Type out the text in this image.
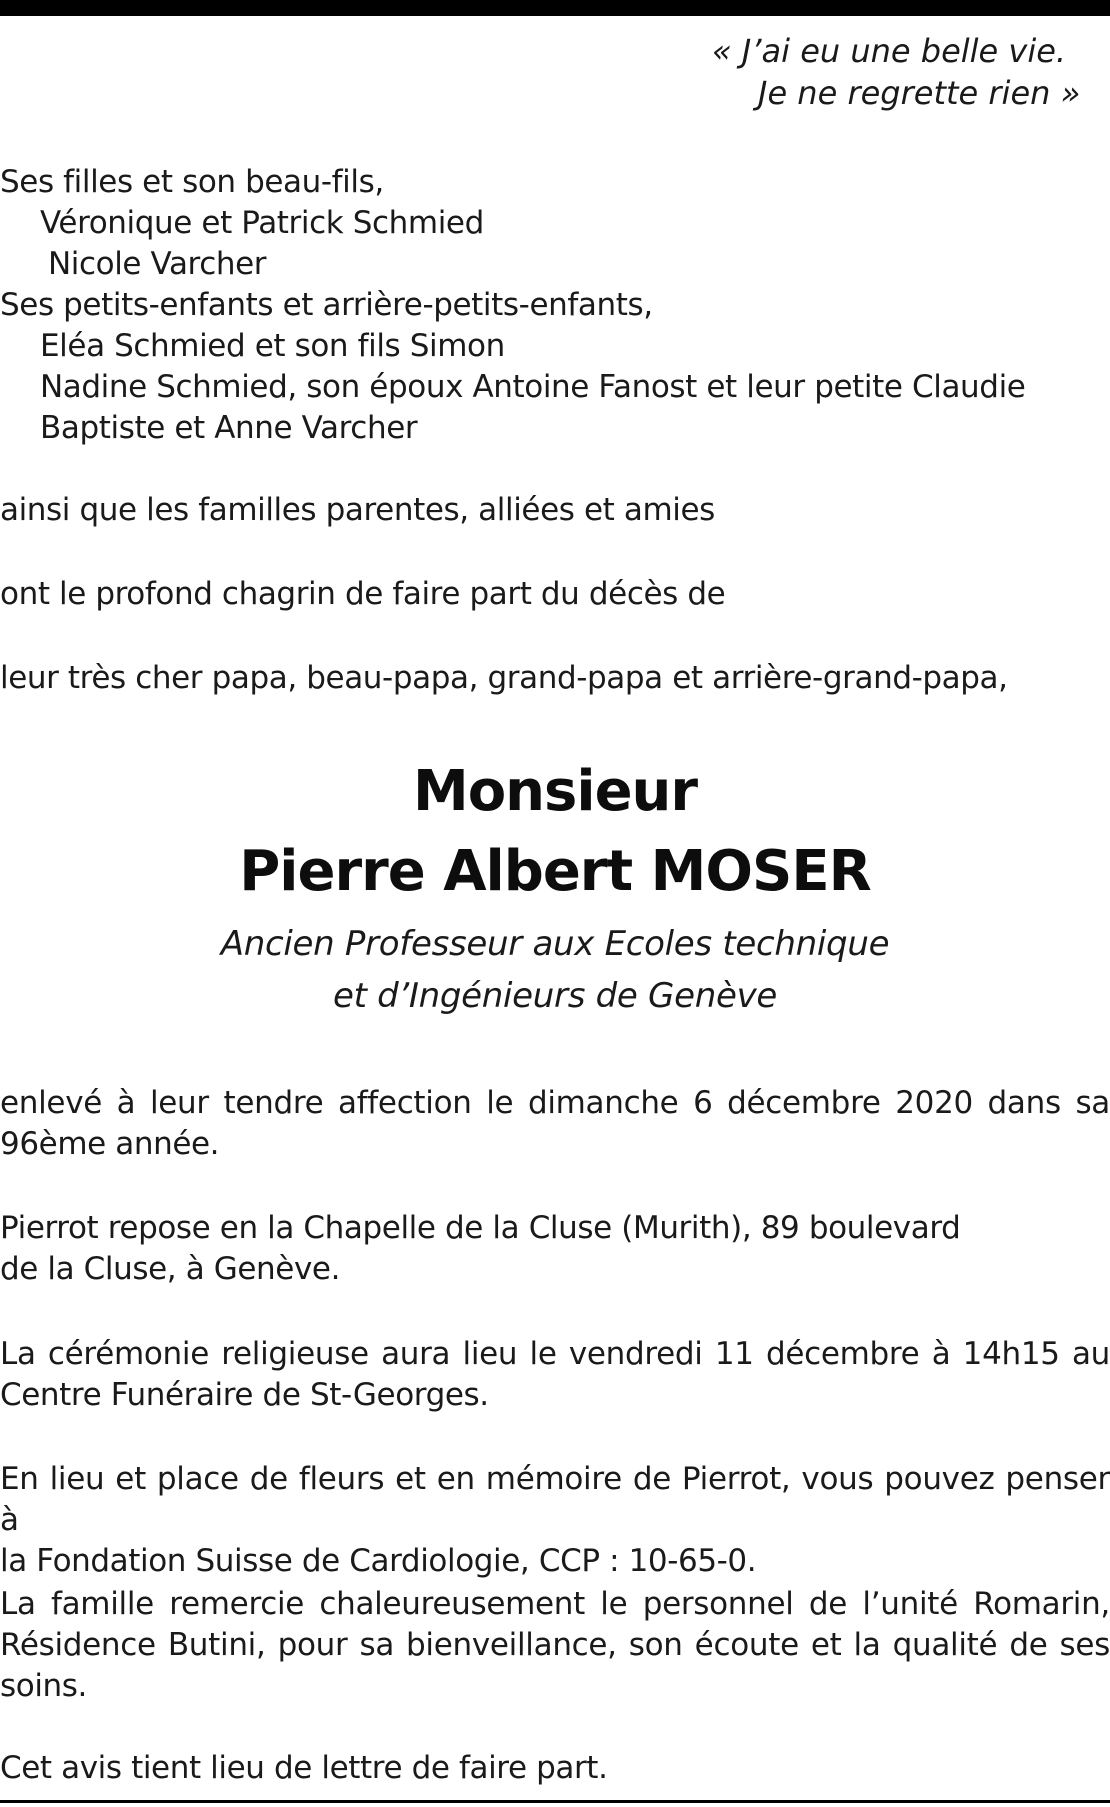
« J’ai eu une belle vie.
Je ne regrette rien »
Ses filles et son beau-fils,
Véronique et Patrick Schmied
Nicole Varcher
Ses petits-enfants et arrière-petits-enfants,
Eléa Schmied et son fils Simon
Nadine Schmied, son époux Antoine Fanost et leur petite Claudie
Baptiste et Anne Varcher
ainsi que les familles parentes, alliées et amies
ont le profond chagrin de faire part du décès de
leur très cher papa, beau-papa, grand-papa et arrière-grand-papa,
Monsieur
Pierre Albert MOSER
Ancien Professeur aux Ecoles technique
et d’Ingénieurs de Genève
enlevé à leur tendre affection le dimanche 6 décembre 2020 dans sa
96ème année.
Pierrot repose en la Chapelle de la Cluse (Murith), 89 boulevard
de la Cluse, à Genève.
La cérémonie religieuse aura lieu le vendredi 11 décembre à 14h15 au
Centre Funéraire de St-Georges.
En lieu et place de fleurs et en mémoire de Pierrot, vous pouvez penser à
la Fondation Suisse de Cardiologie, CCP : 10-65-0.
La famille remercie chaleureusement le personnel de l’unité Romarin,
Résidence Butini, pour sa bienveillance, son écoute et la qualité de ses
soins.
Cet avis tient lieu de lettre de faire part.
